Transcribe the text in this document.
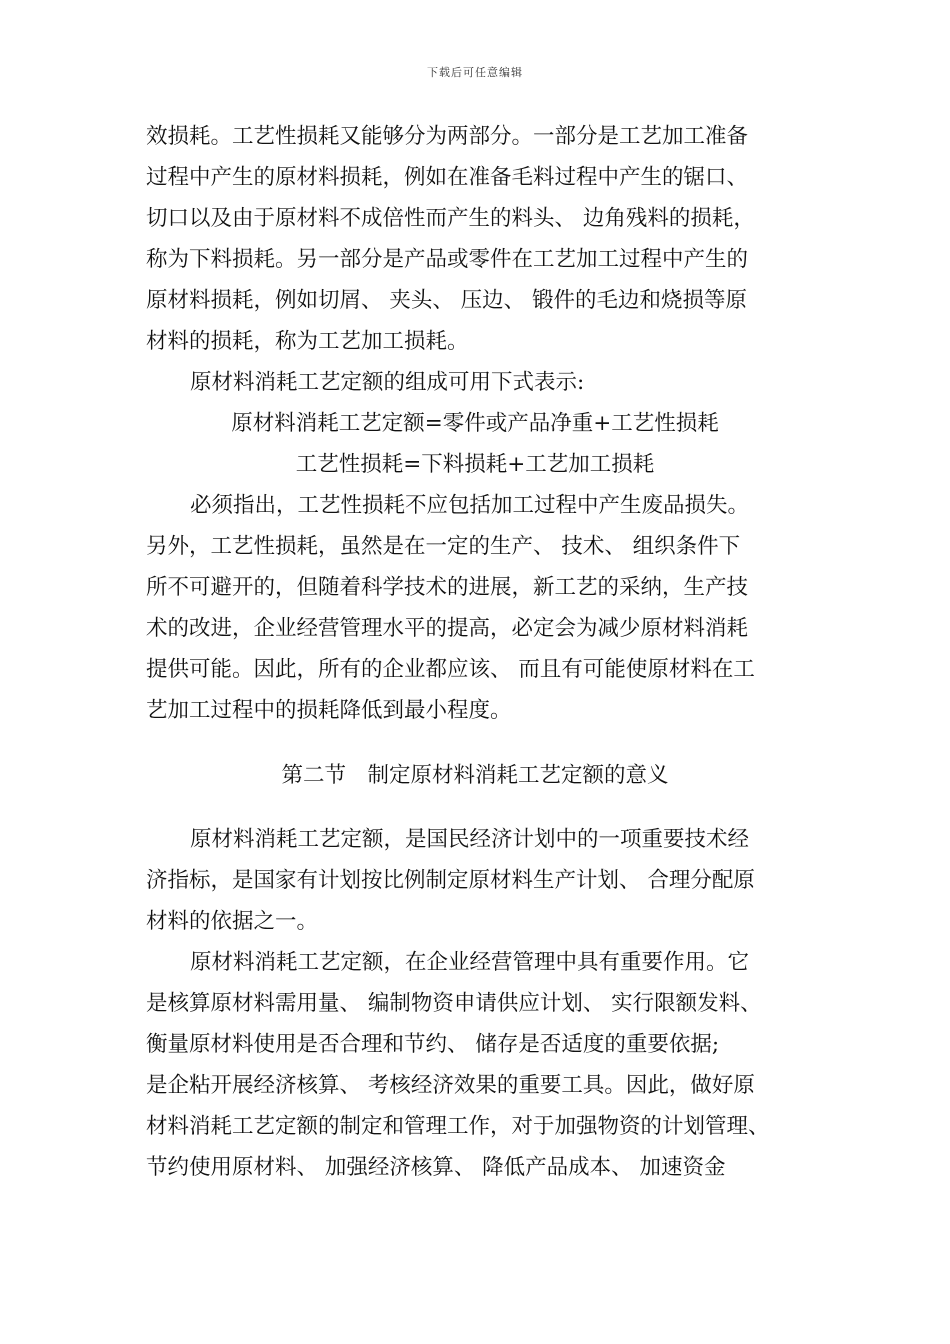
下载后可任意编辑
效损耗。工艺性损耗又能够分为两部分。一部分是工艺加工准备
过程中产生的原材料损耗，例如在准备毛料过程中产生的锯口、
切口以及由于原材料不成倍性而产生的料头、 边角残料的损耗，
称为下料损耗。另一部分是产品或零件在工艺加工过程中产生的
原材料损耗，例如切屑、 夹头、 压边、 锻件的毛边和烧损等原
材料的损耗，称为工艺加工损耗。
原材料消耗工艺定额的组成可用下式表示:
原材料消耗工艺定额=零件或产品净重+工艺性损耗
工艺性损耗=下料损耗+工艺加工损耗
必须指出，工艺性损耗不应包括加工过程中产生废品损失。
另外，工艺性损耗，虽然是在一定的生产、 技术、 组织条件下
所不可避开的，但随着科学技术的进展，新工艺的采纳，生产技
术的改进，企业经营管理水平的提高，必定会为减少原材料消耗
提供可能。因此，所有的企业都应该、 而且有可能使原材料在工
艺加工过程中的损耗降低到最小程度。
第二节　制定原材料消耗工艺定额的意义
原材料消耗工艺定额，是国民经济计划中的一项重要技术经
济指标，是国家有计划按比例制定原材料生产计划、 合理分配原
材料的依据之一。
原材料消耗工艺定额，在企业经营管理中具有重要作用。它
是核算原材料需用量、 编制物资申请供应计划、 实行限额发料、
衡量原材料使用是否合理和节约、 储存是否适度的重要依据;
是企粘开展经济核算、 考核经济效果的重要工具。因此，做好原
材料消耗工艺定额的制定和管理工作，对于加强物资的计划管理、
节约使用原材料、 加强经济核算、 降低产品成本、 加速资金
